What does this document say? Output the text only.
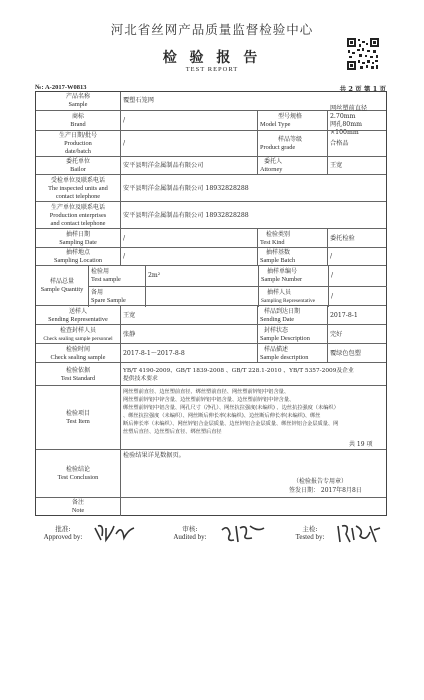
河北省丝网产品质量监督检验中心
检 验 报 告
TEST REPORT
№: A-2017-W0813	共 2 页 第 1 页
产品名称
Sample
覆塑石笼网
商标
Brand
/
型号规格
Model Type
网丝塑前直径2.70mm
网孔80mm ×100mm
生产日期/批号
Production
date/batch
/
样品等级
Product grade
合格品
委托单位
Bailor
安平县明洋金属制品有限公司
委托人
Attorney
王宽
受检单位及联系电话
The inspected units and
contact telephone
安平县明洋金属制品有限公司 18932828288
生产单位及联系电话
Production enterprises
and contact telephone
安平县明洋金属制品有限公司 18932828288
抽样日期
Sampling Date
/
检验类别
Test Kind
委托检验
抽样地点
Sampling Location
/
抽样基数
Sample Batch
/
样品总量
Sample Quantity
检验用
Test sample
2m²
抽样单编号
Sample Number
/
备用
Spare Sample
抽样人员
Sampling Representative
/
送样人
Sending Representative
王宽
样品到达日期
Sending Date
2017-8-1
检查封样人员
Check sealing sample personnel
张静
封样状态
Sample Description
完好
检验时间
Check sealing sample
2017-8-1～2017-8-8
样品描述
Sample description
覆绿色包塑
检验依据
Test Standard
YB/T 4190-2009、GB/T 1839-2008 、GB/T 228.1-2010 、YB/T 5357-2009及企业
提供技术要求
检验项目
Test Item
网丝塑前直径、边丝塑前直径、绑丝塑前直径、网丝塑前锌铝中铝含量、
网丝塑前锌铝中锌含量、边丝塑前锌铝中铝含量、边丝塑前锌铝中锌含量、
绑丝塑前锌铝中铝含量、网孔尺寸（净孔）、网丝抗拉强度(未编织) 、边丝抗拉强度（未编织）
、绑丝抗拉强度（未编织）、网丝断后伸长率(未编织)、边丝断后伸长率(未编织)、绑丝
断后伸长率（未编织）、网丝锌铝合金层质量、边丝锌铝合金层质量、绑丝锌铝合金层质量、网
丝塑后直径、边丝塑后直径、绑丝塑后直径
共 19 项
检验结论
Test Conclusion
检验结果详见数据页。
（检验报告专用章）
签发日期： 2017年8月8日
备注
Note
批准:
Approved by:
审核:
Audited by:
主检:
Tested by:
